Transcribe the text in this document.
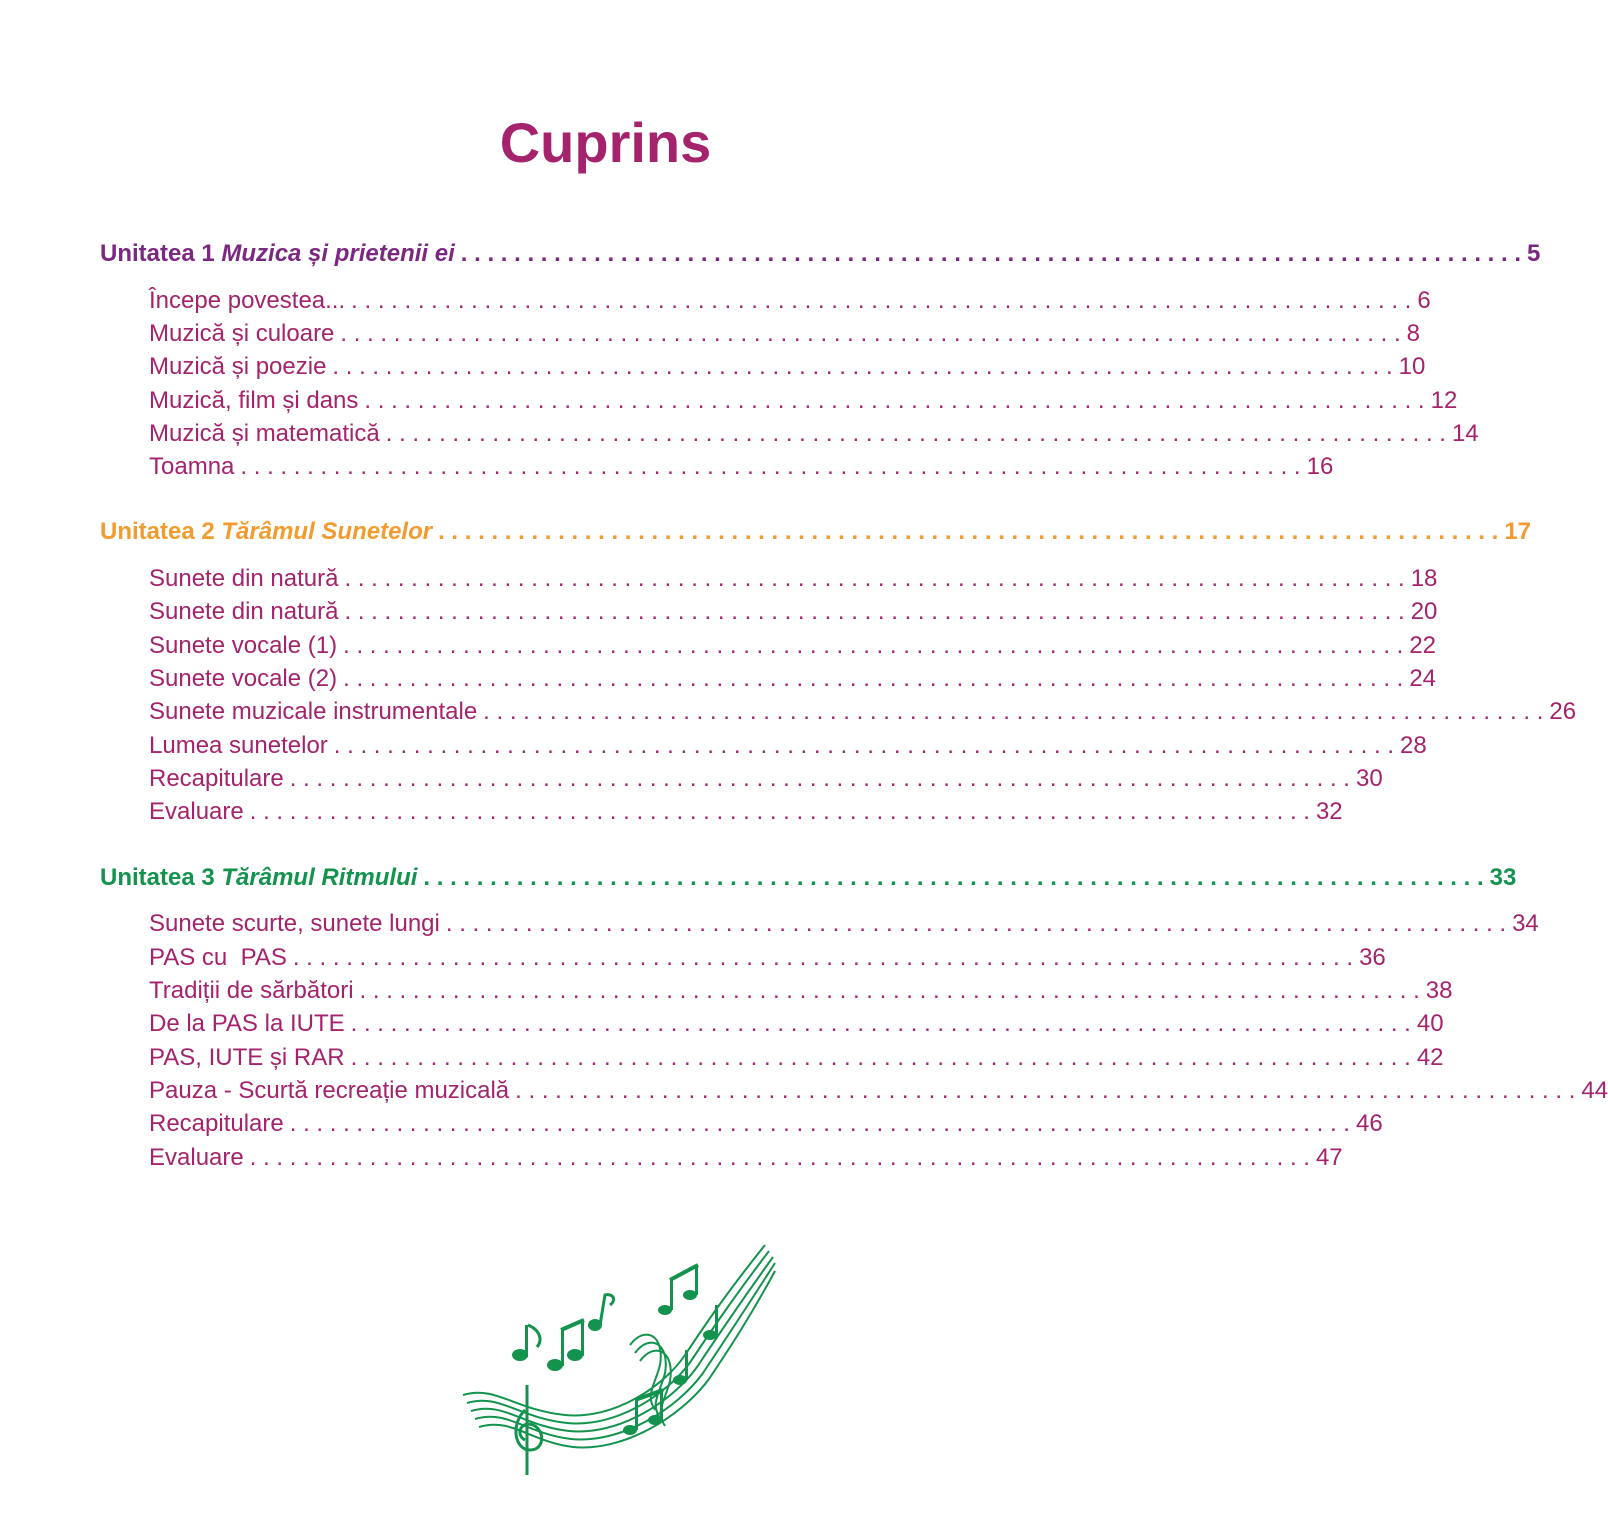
Cuprins
Unitatea 1 Muzica și prietenii ei . . . . . . . . . . . . . . . . . . . . . . . . . . . . . . . . . . . . . . . . . . . . . . . . . . . . . . . . . . . . . . . . . . . . . . . . . . . . . . . . 5
Începe povestea... . . . . . . . . . . . . . . . . . . . . . . . . . . . . . . . . . . . . . . . . . . . . . . . . . . . . . . . . . . . . . . . . . . . . . . . . . . . . . . . . 6
Muzică și culoare . . . . . . . . . . . . . . . . . . . . . . . . . . . . . . . . . . . . . . . . . . . . . . . . . . . . . . . . . . . . . . . . . . . . . . . . . . . . . . . . 8
Muzică și poezie . . . . . . . . . . . . . . . . . . . . . . . . . . . . . . . . . . . . . . . . . . . . . . . . . . . . . . . . . . . . . . . . . . . . . . . . . . . . . . . . 10
Muzică, film și dans . . . . . . . . . . . . . . . . . . . . . . . . . . . . . . . . . . . . . . . . . . . . . . . . . . . . . . . . . . . . . . . . . . . . . . . . . . . . . . . . 12
Muzică și matematică . . . . . . . . . . . . . . . . . . . . . . . . . . . . . . . . . . . . . . . . . . . . . . . . . . . . . . . . . . . . . . . . . . . . . . . . . . . . . . . . 14
Toamna . . . . . . . . . . . . . . . . . . . . . . . . . . . . . . . . . . . . . . . . . . . . . . . . . . . . . . . . . . . . . . . . . . . . . . . . . . . . . . . . 16
Unitatea 2 Tărâmul Sunetelor . . . . . . . . . . . . . . . . . . . . . . . . . . . . . . . . . . . . . . . . . . . . . . . . . . . . . . . . . . . . . . . . . . . . . . . . . . . . . . . . 17
Sunete din natură . . . . . . . . . . . . . . . . . . . . . . . . . . . . . . . . . . . . . . . . . . . . . . . . . . . . . . . . . . . . . . . . . . . . . . . . . . . . . . . . 18
Sunete din natură . . . . . . . . . . . . . . . . . . . . . . . . . . . . . . . . . . . . . . . . . . . . . . . . . . . . . . . . . . . . . . . . . . . . . . . . . . . . . . . . 20
Sunete vocale (1) . . . . . . . . . . . . . . . . . . . . . . . . . . . . . . . . . . . . . . . . . . . . . . . . . . . . . . . . . . . . . . . . . . . . . . . . . . . . . . . . 22
Sunete vocale (2) . . . . . . . . . . . . . . . . . . . . . . . . . . . . . . . . . . . . . . . . . . . . . . . . . . . . . . . . . . . . . . . . . . . . . . . . . . . . . . . . 24
Sunete muzicale instrumentale . . . . . . . . . . . . . . . . . . . . . . . . . . . . . . . . . . . . . . . . . . . . . . . . . . . . . . . . . . . . . . . . . . . . . . . . . . . . . . . . 26
Lumea sunetelor . . . . . . . . . . . . . . . . . . . . . . . . . . . . . . . . . . . . . . . . . . . . . . . . . . . . . . . . . . . . . . . . . . . . . . . . . . . . . . . . 28
Recapitulare . . . . . . . . . . . . . . . . . . . . . . . . . . . . . . . . . . . . . . . . . . . . . . . . . . . . . . . . . . . . . . . . . . . . . . . . . . . . . . . . 30
Evaluare . . . . . . . . . . . . . . . . . . . . . . . . . . . . . . . . . . . . . . . . . . . . . . . . . . . . . . . . . . . . . . . . . . . . . . . . . . . . . . . . 32
Unitatea 3 Tărâmul Ritmului . . . . . . . . . . . . . . . . . . . . . . . . . . . . . . . . . . . . . . . . . . . . . . . . . . . . . . . . . . . . . . . . . . . . . . . . . . . . . . . . 33
Sunete scurte, sunete lungi . . . . . . . . . . . . . . . . . . . . . . . . . . . . . . . . . . . . . . . . . . . . . . . . . . . . . . . . . . . . . . . . . . . . . . . . . . . . . . . . 34
PAS cu  PAS . . . . . . . . . . . . . . . . . . . . . . . . . . . . . . . . . . . . . . . . . . . . . . . . . . . . . . . . . . . . . . . . . . . . . . . . . . . . . . . . 36
Tradiții de sărbători . . . . . . . . . . . . . . . . . . . . . . . . . . . . . . . . . . . . . . . . . . . . . . . . . . . . . . . . . . . . . . . . . . . . . . . . . . . . . . . . 38
De la PAS la IUTE . . . . . . . . . . . . . . . . . . . . . . . . . . . . . . . . . . . . . . . . . . . . . . . . . . . . . . . . . . . . . . . . . . . . . . . . . . . . . . . . 40
PAS, IUTE și RAR . . . . . . . . . . . . . . . . . . . . . . . . . . . . . . . . . . . . . . . . . . . . . . . . . . . . . . . . . . . . . . . . . . . . . . . . . . . . . . . . 42
Pauza - Scurtă recreație muzicală . . . . . . . . . . . . . . . . . . . . . . . . . . . . . . . . . . . . . . . . . . . . . . . . . . . . . . . . . . . . . . . . . . . . . . . . . . . . . . . . 44
Recapitulare . . . . . . . . . . . . . . . . . . . . . . . . . . . . . . . . . . . . . . . . . . . . . . . . . . . . . . . . . . . . . . . . . . . . . . . . . . . . . . . . 46
Evaluare . . . . . . . . . . . . . . . . . . . . . . . . . . . . . . . . . . . . . . . . . . . . . . . . . . . . . . . . . . . . . . . . . . . . . . . . . . . . . . . . 47
